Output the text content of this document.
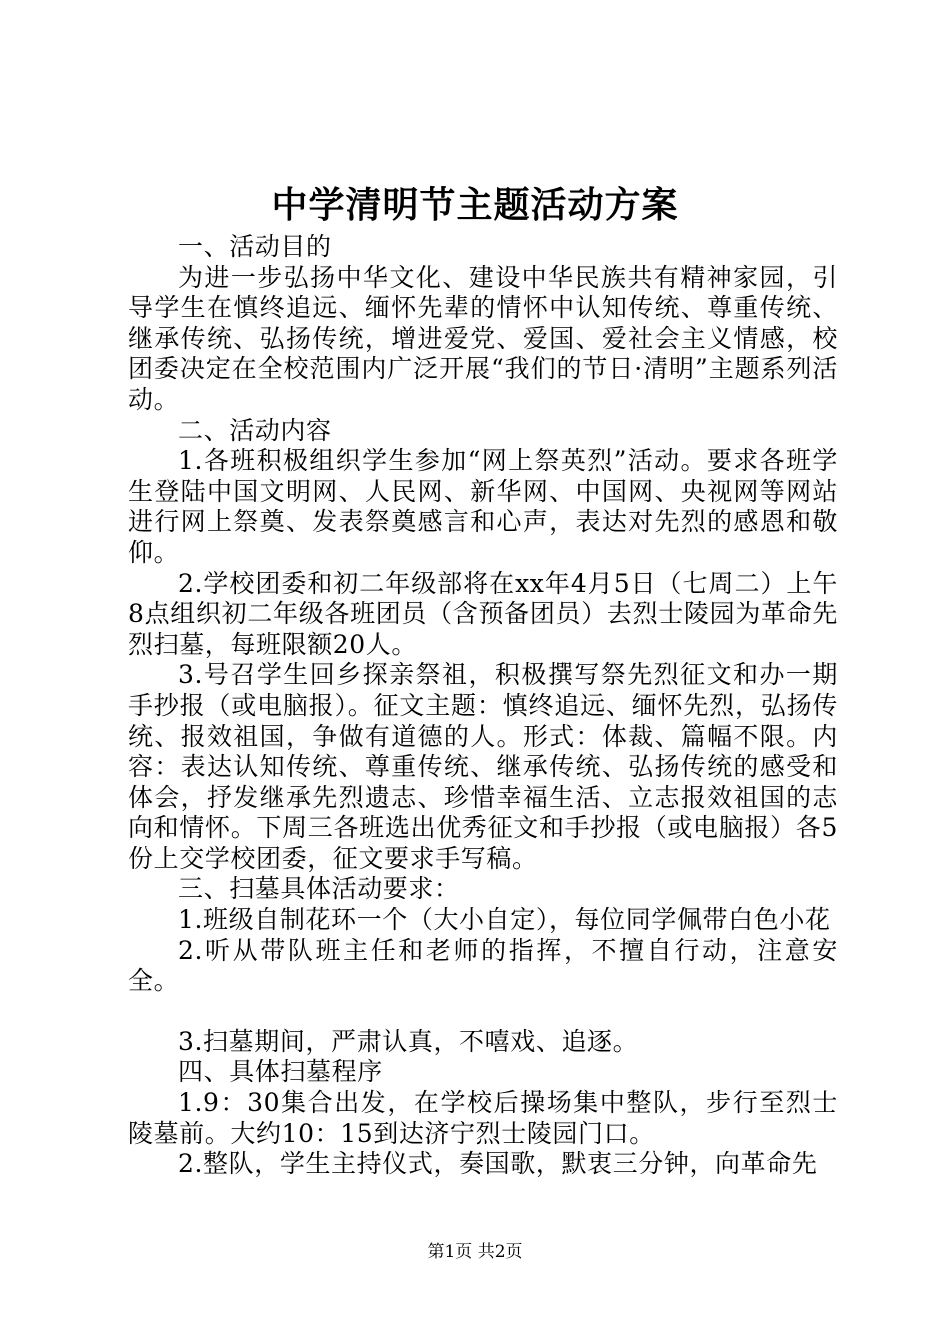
中学清明节主题活动方案

一、活动目的

为进一步弘扬中华文化、建设中华民族共有精神家园，引导学生在慎终追远、缅怀先辈的情怀中认知传统、尊重传统、继承传统、弘扬传统，增进爱党、爱国、爱社会主义情感，校团委决定在全校范围内广泛开展“我们的节日·清明”主题系列活动。

二、活动内容

1.各班积极组织学生参加“网上祭英烈”活动。要求各班学生登陆中国文明网、人民网、新华网、中国网、央视网等网站进行网上祭奠、发表祭奠感言和心声，表达对先烈的感恩和敬仰。

2.学校团委和初二年级部将在xx年4月5日（七周二）上午8点组织初二年级各班团员（含预备团员）去烈士陵园为革命先烈扫墓，每班限额20人。

3.号召学生回乡探亲祭祖，积极撰写祭先烈征文和办一期手抄报（或电脑报）。征文主题：慎终追远、缅怀先烈，弘扬传统、报效祖国，争做有道德的人。形式：体裁、篇幅不限。内容：表达认知传统、尊重传统、继承传统、弘扬传统的感受和体会，抒发继承先烈遗志、珍惜幸福生活、立志报效祖国的志向和情怀。下周三各班选出优秀征文和手抄报（或电脑报）各5份上交学校团委，征文要求手写稿。

三、扫墓具体活动要求：

1.班级自制花环一个（大小自定），每位同学佩带白色小花

2.听从带队班主任和老师的指挥，不擅自行动，注意安全。

3.扫墓期间，严肃认真，不嘻戏、追逐。

四、具体扫墓程序

1.9：30集合出发，在学校后操场集中整队，步行至烈士陵墓前。大约10：15到达济宁烈士陵园门口。

2.整队，学生主持仪式，奏国歌，默衷三分钟，向革命先

第1页 共2页
